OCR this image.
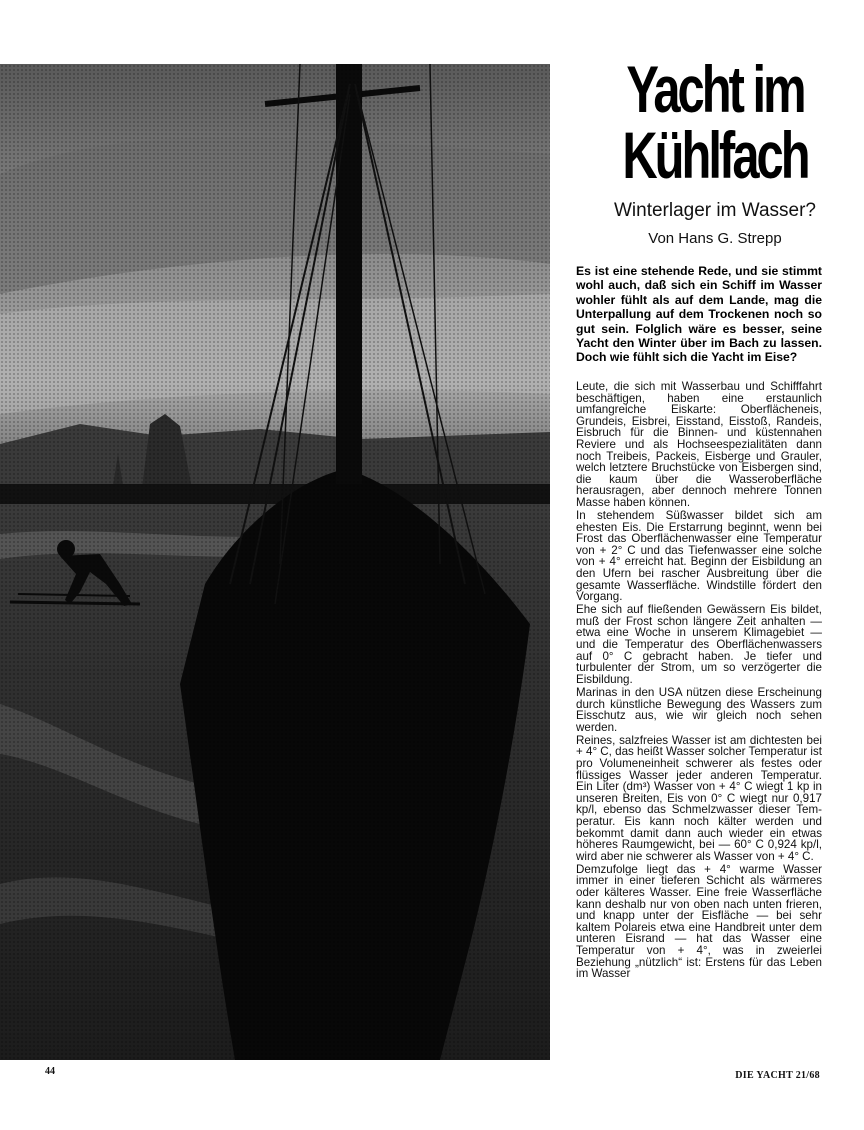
Yacht im
Kühlfach
Winterlager im Wasser?
Von Hans G. Strepp
Es ist eine stehende Rede, und sie stimmt wohl auch, daß sich ein Schiff im Wasser wohler fühlt als auf dem Lande, mag die Unterpallung auf dem Trockenen noch so gut sein. Folglich wäre es besser, seine Yacht den Winter über im Bach zu lassen. Doch wie fühlt sich die Yacht im Eise?

Leute, die sich mit Wasserbau und Schifffahrt beschäftigen, haben eine erstaunlich umfangreiche Eiskarte: Oberflächeneis, Grundeis, Eisbrei, Eisstand, Eisstoß, Randeis, Eisbruch für die Binnen- und küstennahen Reviere und als Hochseespezialitäten dann noch Treibeis, Packeis, Eisberge und Grauler, welch letztere Bruchstücke von Eisbergen sind, die kaum über die Wasseroberfläche herausragen, aber dennoch mehrere Tonnen Masse haben können.

In stehendem Süßwasser bildet sich am ehesten Eis. Die Erstarrung beginnt, wenn bei Frost das Oberflächenwasser eine Temperatur von + 2° C und das Tiefenwasser eine solche von + 4° erreicht hat. Beginn der Eisbildung an den Ufern bei rascher Ausbreitung über die gesamte Wasserfläche. Windstille fördert den Vorgang.

Ehe sich auf fließenden Gewässern Eis bildet, muß der Frost schon längere Zeit anhalten — etwa eine Woche in unserem Klimagebiet — und die Temperatur des Oberflächenwassers auf 0° C gebracht haben. Je tiefer und turbulenter der Strom, um so verzögerter die Eisbildung.

Marinas in den USA nützen diese Erscheinung durch künstliche Bewegung des Wassers zum Eisschutz aus, wie wir gleich noch sehen werden.

Reines, salzfreies Wasser ist am dichtesten bei + 4° C, das heißt Wasser solcher Temperatur ist pro Volumeneinheit schwerer als festes oder flüssiges Wasser jeder anderen Temperatur. Ein Liter (dm³) Wasser von + 4° C wiegt 1 kp in unseren Breiten, Eis von 0° C wiegt nur 0,917 kp/l, ebenso das Schmelzwasser dieser Temperatur. Eis kann noch kälter werden und bekommt damit dann auch wieder ein etwas höheres Raumgewicht, bei — 60° C 0,924 kp/l, wird aber nie schwerer als Wasser von + 4° C.

Demzufolge liegt das + 4° warme Wasser immer in einer tieferen Schicht als wärmeres oder kälteres Wasser. Eine freie Wasserfläche kann deshalb nur von oben nach unten frieren, und knapp unter der Eisfläche — bei sehr kaltem Polareis etwa eine Handbreit unter dem unteren Eisrand — hat das Wasser eine Temperatur von + 4°, was in zweierlei Beziehung „nützlich“ ist: Erstens für das Leben im Wasser

44	DIE YACHT 21/68
